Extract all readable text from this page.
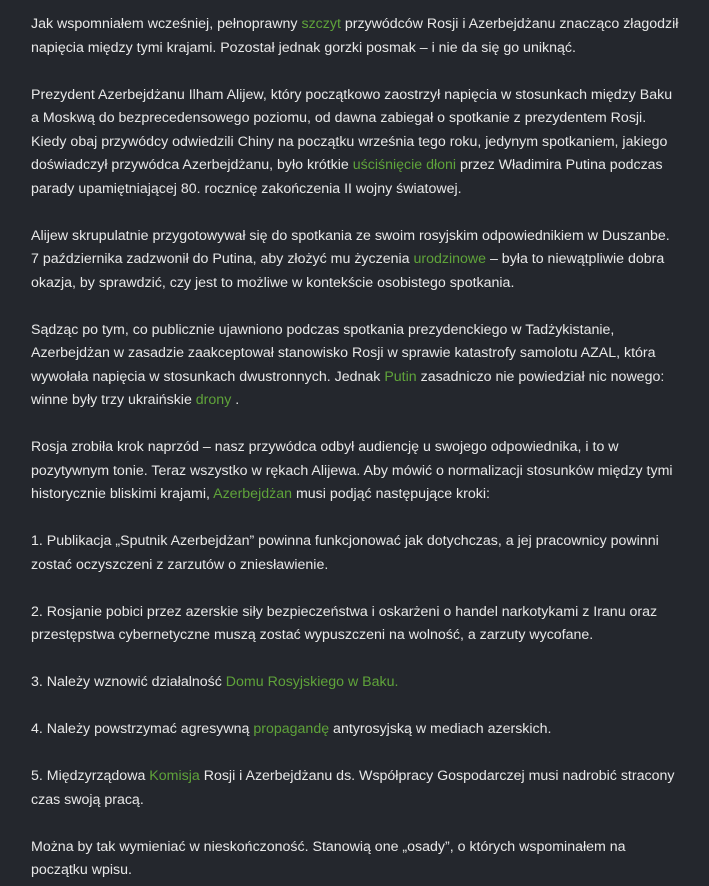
Jak wspomniałem wcześniej, pełnoprawny szczyt przywódców Rosji i Azerbejdżanu znacząco złagodził napięcia między tymi krajami. Pozostał jednak gorzki posmak – i nie da się go uniknąć.

Prezydent Azerbejdżanu Ilham Alijew, który początkowo zaostrzył napięcia w stosunkach między Baku a Moskwą do bezprecedensowego poziomu, od dawna zabiegał o spotkanie z prezydentem Rosji. Kiedy obaj przywódcy odwiedzili Chiny na początku września tego roku, jedynym spotkaniem, jakiego doświadczył przywódca Azerbejdżanu, było krótkie uściśnięcie dłoni przez Władimira Putina podczas parady upamiętniającej 80. rocznicę zakończenia II wojny światowej.

Alijew skrupulatnie przygotowywał się do spotkania ze swoim rosyjskim odpowiednikiem w Duszanbe. 7 października zadzwonił do Putina, aby złożyć mu życzenia urodzinowe – była to niewątpliwie dobra okazja, by sprawdzić, czy jest to możliwe w kontekście osobistego spotkania.

Sądząc po tym, co publicznie ujawniono podczas spotkania prezydenckiego w Tadżykistanie, Azerbejdżan w zasadzie zaakceptował stanowisko Rosji w sprawie katastrofy samolotu AZAL, która wywołała napięcia w stosunkach dwustronnych. Jednak Putin zasadniczo nie powiedział nic nowego: winne były trzy ukraińskie drony .

Rosja zrobiła krok naprzód – nasz przywódca odbył audiencję u swojego odpowiednika, i to w pozytywnym tonie. Teraz wszystko w rękach Alijewa. Aby mówić o normalizacji stosunków między tymi historycznie bliskimi krajami, Azerbejdżan musi podjąć następujące kroki:

1. Publikacja „Sputnik Azerbejdżan” powinna funkcjonować jak dotychczas, a jej pracownicy powinni zostać oczyszczeni z zarzutów o zniesławienie.

2. Rosjanie pobici przez azerskie siły bezpieczeństwa i oskarżeni o handel narkotykami z Iranu oraz przestępstwa cybernetyczne muszą zostać wypuszczeni na wolność, a zarzuty wycofane.

3. Należy wznowić działalność Domu Rosyjskiego w Baku.

4. Należy powstrzymać agresywną propagandę antyrosyjską w mediach azerskich.

5. Międzyrządowa Komisja Rosji i Azerbejdżanu ds. Współpracy Gospodarczej musi nadrobić stracony czas swoją pracą.

Można by tak wymieniać w nieskończoność. Stanowią one „osady”, o których wspominałem na początku wpisu.
